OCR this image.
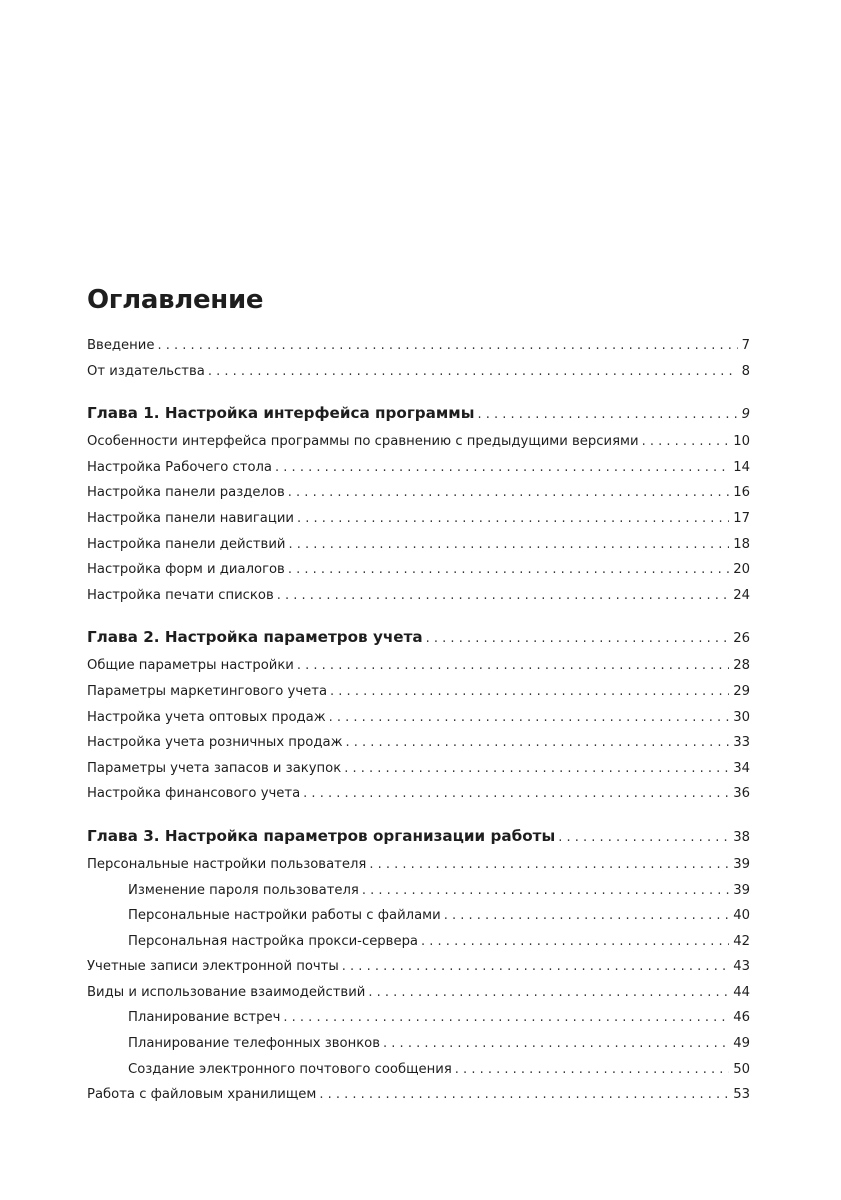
Оглавление
Введение . . .	7
От издательства . . .	8
Глава 1. Настройка интерфейса программы . . .	9
Особенности интерфейса программы по сравнению с предыдущими версиями . . .	10
Настройка Рабочего стола . . .	14
Настройка панели разделов . . .	16
Настройка панели навигации . . .	17
Настройка панели действий . . .	18
Настройка форм и диалогов . . .	20
Настройка печати списков . . .	24
Глава 2. Настройка параметров учета . . .	26
Общие параметры настройки . . .	28
Параметры маркетингового учета . . .	29
Настройка учета оптовых продаж . . .	30
Настройка учета розничных продаж . . .	33
Параметры учета запасов и закупок . . .	34
Настройка финансового учета . . .	36
Глава 3. Настройка параметров организации работы . . .	38
Персональные настройки пользователя . . .	39
Изменение пароля пользователя . . .	39
Персональные настройки работы с файлами . . .	40
Персональная настройка прокси-сервера . . .	42
Учетные записи электронной почты . . .	43
Виды и использование взаимодействий . . .	44
Планирование встреч . . .	46
Планирование телефонных звонков . . .	49
Создание электронного почтового сообщения . . .	50
Работа с файловым хранилищем . . .	53
